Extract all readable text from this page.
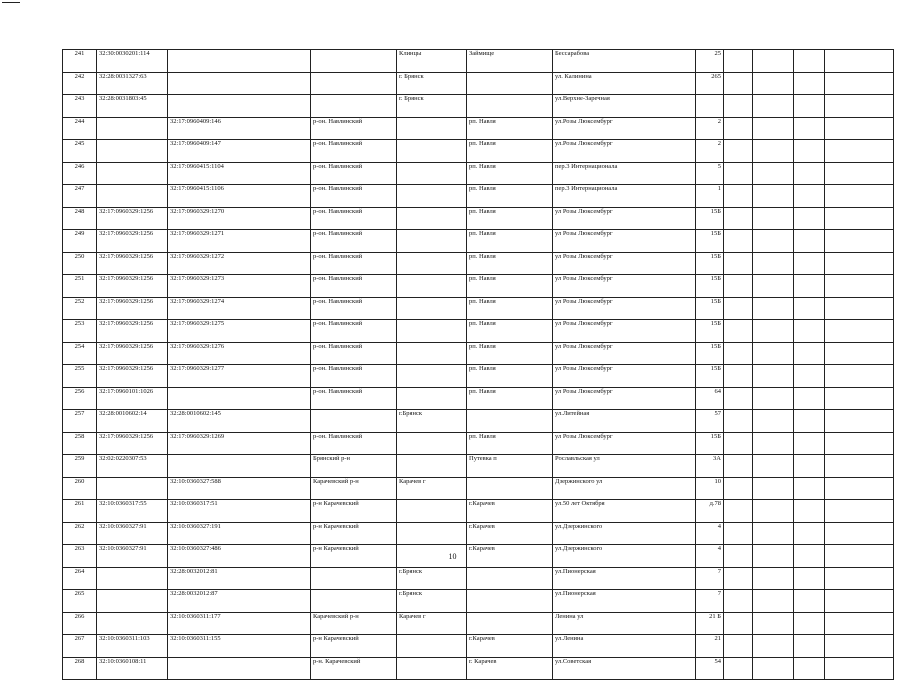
241	32:30:0030201:114			Клинцы	Займище	Бессарабова	25				
242	32:28:0031327:63			г. Брянск		ул. Калинина	265				
243	32:28:0031803:45			г. Брянск		ул.Верхне-Заречная					
244		32:17:0960409:146	р-он. Навлинский		рп. Навля	ул.Розы Люксембург	2				
245		32:17:0960409:147	р-он. Навлинский		рп. Навля	ул.Розы Люксембург	2				
246		32:17:0960415:1104	р-он. Навлинский		рп. Навля	пер.3 Интернационала	5				
247		32:17:0960415:1106	р-он. Навлинский		рп. Навля	пер.3 Интернационала	1				
248	32:17:0960329:1256	32:17:0960329:1270	р-он. Навлинский		рп. Навля	ул Розы Люксембург	15Б				
249	32:17:0960329:1256	32:17:0960329:1271	р-он. Навлинский		рп. Навля	ул Розы Люксембург	15Б				
250	32:17:0960329:1256	32:17:0960329:1272	р-он. Навлинский		рп. Навля	ул Розы Люксембург	15Б				
251	32:17:0960329:1256	32:17:0960329:1273	р-он. Навлинский		рп. Навля	ул Розы Люксембург	15Б				
252	32:17:0960329:1256	32:17:0960329:1274	р-он. Навлинский		рп. Навля	ул Розы Люксембург	15Б				
253	32:17:0960329:1256	32:17:0960329:1275	р-он. Навлинский		рп. Навля	ул Розы Люксембург	15Б				
254	32:17:0960329:1256	32:17:0960329:1276	р-он. Навлинский		рп. Навля	ул Розы Люксембург	15Б				
255	32:17:0960329:1256	32:17:0960329:1277	р-он. Навлинский		рп. Навля	ул Розы Люксембург	15Б				
256	32:17:0960101:1026		р-он. Навлинский		рп. Навля	ул Розы Люксембург	64				
257	32:28:0010602:14	32:28:0010602:145		г.Брянск		ул.Литейная	57				
258	32:17:0960329:1256	32:17:0960329:1269	р-он. Навлинский		рп. Навля	ул Розы Люксембург	15Б				
259	32:02:0220307:53		Брянский р-н		Путевка п	Рославльская ул	3А				
260		32:10:0360327:588	Карачевский р-н	Карачев г		Дзержинского ул	10				
261	32:10:0360317:55	32:10:0360317:51	р-н Карачевский		г.Карачев	ул.50 лет Октября	д.78				
262	32:10:0360327:91	32:10:0360327:191	р-н Карачевский		г.Карачев	ул.Дзержинского	4				
263	32:10:0360327:91	32:10:0360327:486	р-н Карачевский		г.Карачев	ул.Дзержинского	4				
264		32:28:0032012:81		г.Брянск		ул.Пионерская	7				
265		32:28:0032012:87		г.Брянск		ул.Пионерская	7				
266		32:10:0360311:177	Карачевский р-н	Карачев г		Ленина ул	21 Б				
267	32:10:0360311:103	32:10:0360311:155	р-н Карачевский		г.Карачев	ул.Ленина	21				
268	32:10:0360108:11		р-н. Карачевский		г. Карачев	ул.Советская	54				
10
